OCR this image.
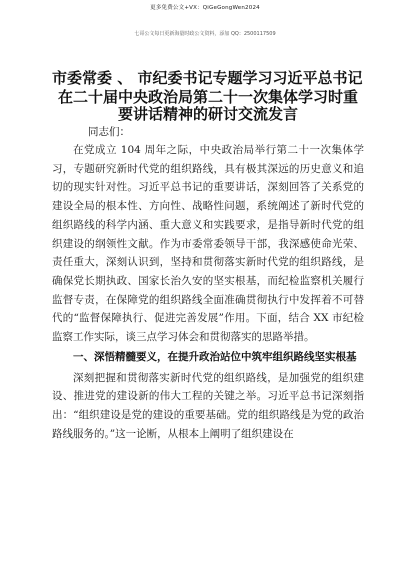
更多免费公文+VX：QiGeGongWen2024
七哥公文每日更新海量时政公文资料，添加 QQ：2500117509
市委常委 、 市纪委书记专题学习习近平总书记
在二十届中央政治局第二十一次集体学习时重要讲话精神的研讨交流发言

同志们：

在党成立 104 周年之际，中央政治局举行第二十一次集体学习，专题研究新时代党的组织路线，具有极其深远的历史意义和追切的现实针对性。习近平总书记的重要讲话，深刻回答了关系党的建设全局的根本性、方向性、战略性问题，系统阐述了新时代党的组织路线的科学内涵、重大意义和实践要求，是指导新时代党的组织建设的纲领性文献。作为市委常委领导干部，我深感使命光荣、责任重大，深刻认识到，坚持和贯彻落实新时代党的组织路线，是确保党长期执政、国家长治久安的坚实根基，而纪检监察机关履行监督专责，在保障党的组织路线全面准确贯彻执行中发挥着不可替代的“监督保障执行、促进完善发展”作用。下面，结合 XX 市纪检监察工作实际，谈三点学习体会和贯彻落实的思路举措。

一、深悟精髓要义，在提升政治站位中筑牢组织路线坚实根基

深刻把握和贯彻落实新时代党的组织路线，是加强党的组织建设、推进党的建设新的伟大工程的关键之举。习近平总书记深刻指出：“组织建设是党的建设的重要基础。党的组织路线是为党的政治路线服务的。”这一论断，从根本上阐明了组织建设在
